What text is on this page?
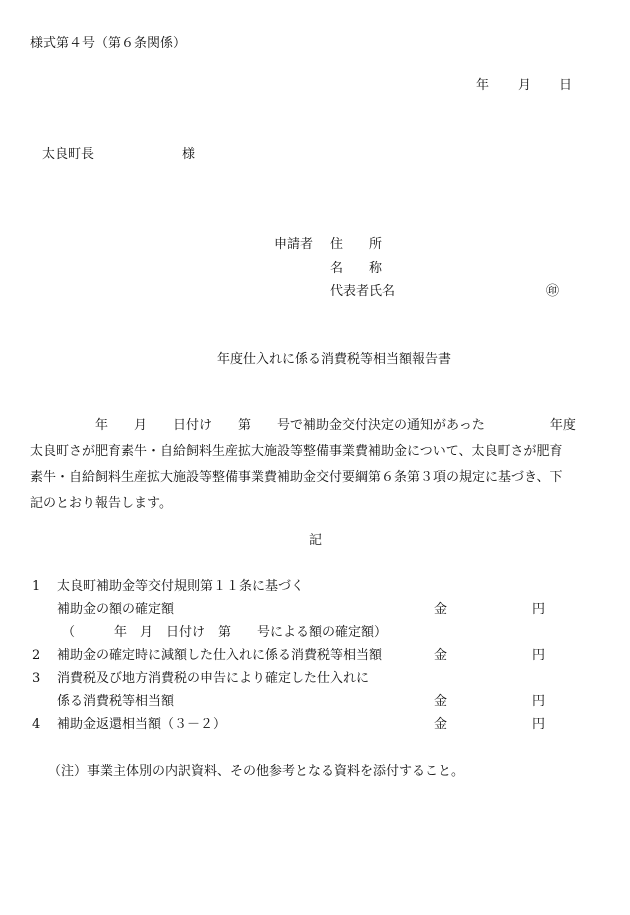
様式第４号（第６条関係）
年 月 日
太良町長	様
申請者 住　　所
名　　称
代表者氏名	㊞
年度仕入れに係る消費税等相当額報告書
　　　　　年　　月　　日付け　　第　　号で補助金交付決定の通知があった　　　　　年度
太良町さが肥育素牛・自給飼料生産拡大施設等整備事業費補助金について、太良町さが肥育
素牛・自給飼料生産拡大施設等整備事業費補助金交付要綱第６条第３項の規定に基づき、下
記のとおり報告します。
記
1 太良町補助金等交付規則第１１条に基づく
補助金の額の確定額	金	円
（　　　年　月　日付け　第　　号による額の確定額）
2 補助金の確定時に減額した仕入れに係る消費税等相当額	金	円
3 消費税及び地方消費税の申告により確定した仕入れに
係る消費税等相当額	金	円
4 補助金返還相当額（３－２）	金	円
（注）事業主体別の内訳資料、その他参考となる資料を添付すること。
